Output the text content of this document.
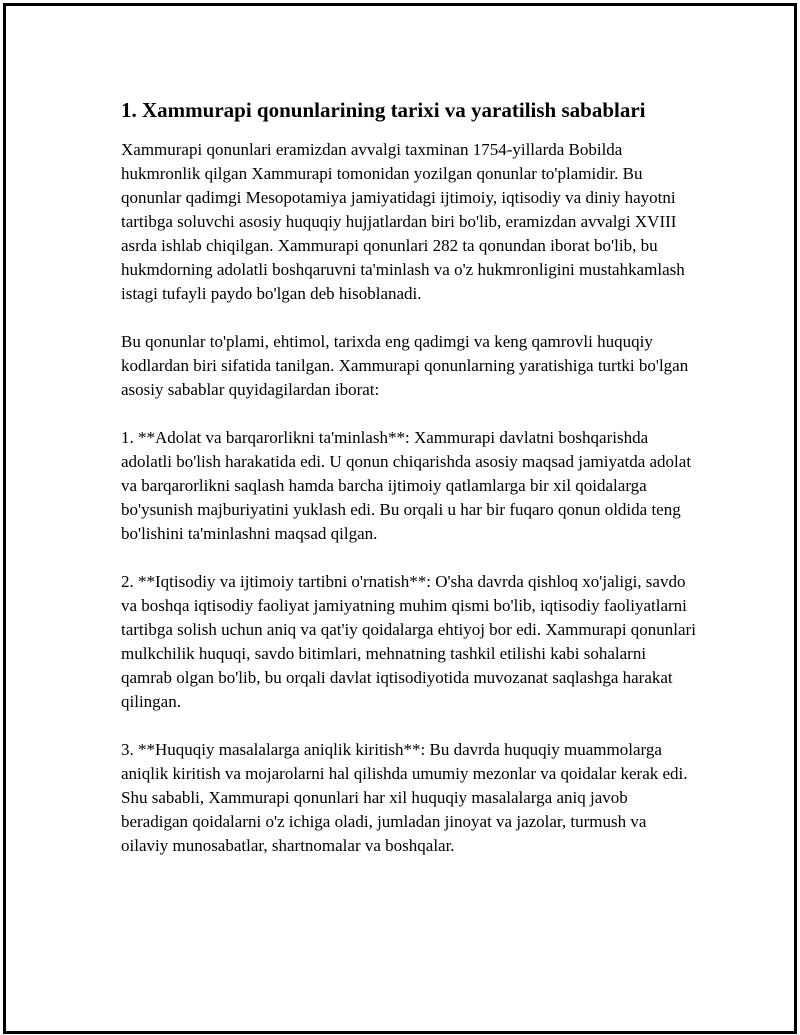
1. Xammurapi qonunlarining tarixi va yaratilish sabablari

Xammurapi qonunlari eramizdan avvalgi taxminan 1754-yillarda Bobilda hukmronlik qilgan Xammurapi tomonidan yozilgan qonunlar to'plamidir. Bu qonunlar qadimgi Mesopotamiya jamiyatidagi ijtimoiy, iqtisodiy va diniy hayotni tartibga soluvchi asosiy huquqiy hujjatlardan biri bo'lib, eramizdan avvalgi XVIII asrda ishlab chiqilgan. Xammurapi qonunlari 282 ta qonundan iborat bo'lib, bu hukmdorning adolatli boshqaruvni ta'minlash va o'z hukmronligini mustahkamlash istagi tufayli paydo bo'lgan deb hisoblanadi.

Bu qonunlar to'plami, ehtimol, tarixda eng qadimgi va keng qamrovli huquqiy kodlardan biri sifatida tanilgan. Xammurapi qonunlarning yaratishiga turtki bo'lgan asosiy sabablar quyidagilardan iborat:

1. **Adolat va barqarorlikni ta'minlash**: Xammurapi davlatni boshqarishda adolatli bo'lish harakatida edi. U qonun chiqarishda asosiy maqsad jamiyatda adolat va barqarorlikni saqlash hamda barcha ijtimoiy qatlamlarga bir xil qoidalarga bo'ysunish majburiyatini yuklash edi. Bu orqali u har bir fuqaro qonun oldida teng bo'lishini ta'minlashni maqsad qilgan.

2. **Iqtisodiy va ijtimoiy tartibni o'rnatish**: O'sha davrda qishloq xo'jaligi, savdo va boshqa iqtisodiy faoliyat jamiyatning muhim qismi bo'lib, iqtisodiy faoliyatlarni tartibga solish uchun aniq va qat'iy qoidalarga ehtiyoj bor edi. Xammurapi qonunlari mulkchilik huquqi, savdo bitimlari, mehnatning tashkil etilishi kabi sohalarni qamrab olgan bo'lib, bu orqali davlat iqtisodiyotida muvozanat saqlashga harakat qilingan.

3. **Huquqiy masalalarga aniqlik kiritish**: Bu davrda huquqiy muammolarga aniqlik kiritish va mojarolarni hal qilishda umumiy mezonlar va qoidalar kerak edi. Shu sababli, Xammurapi qonunlari har xil huquqiy masalalarga aniq javob beradigan qoidalarni o'z ichiga oladi, jumladan jinoyat va jazolar, turmush va oilaviy munosabatlar, shartnomalar va boshqalar.
